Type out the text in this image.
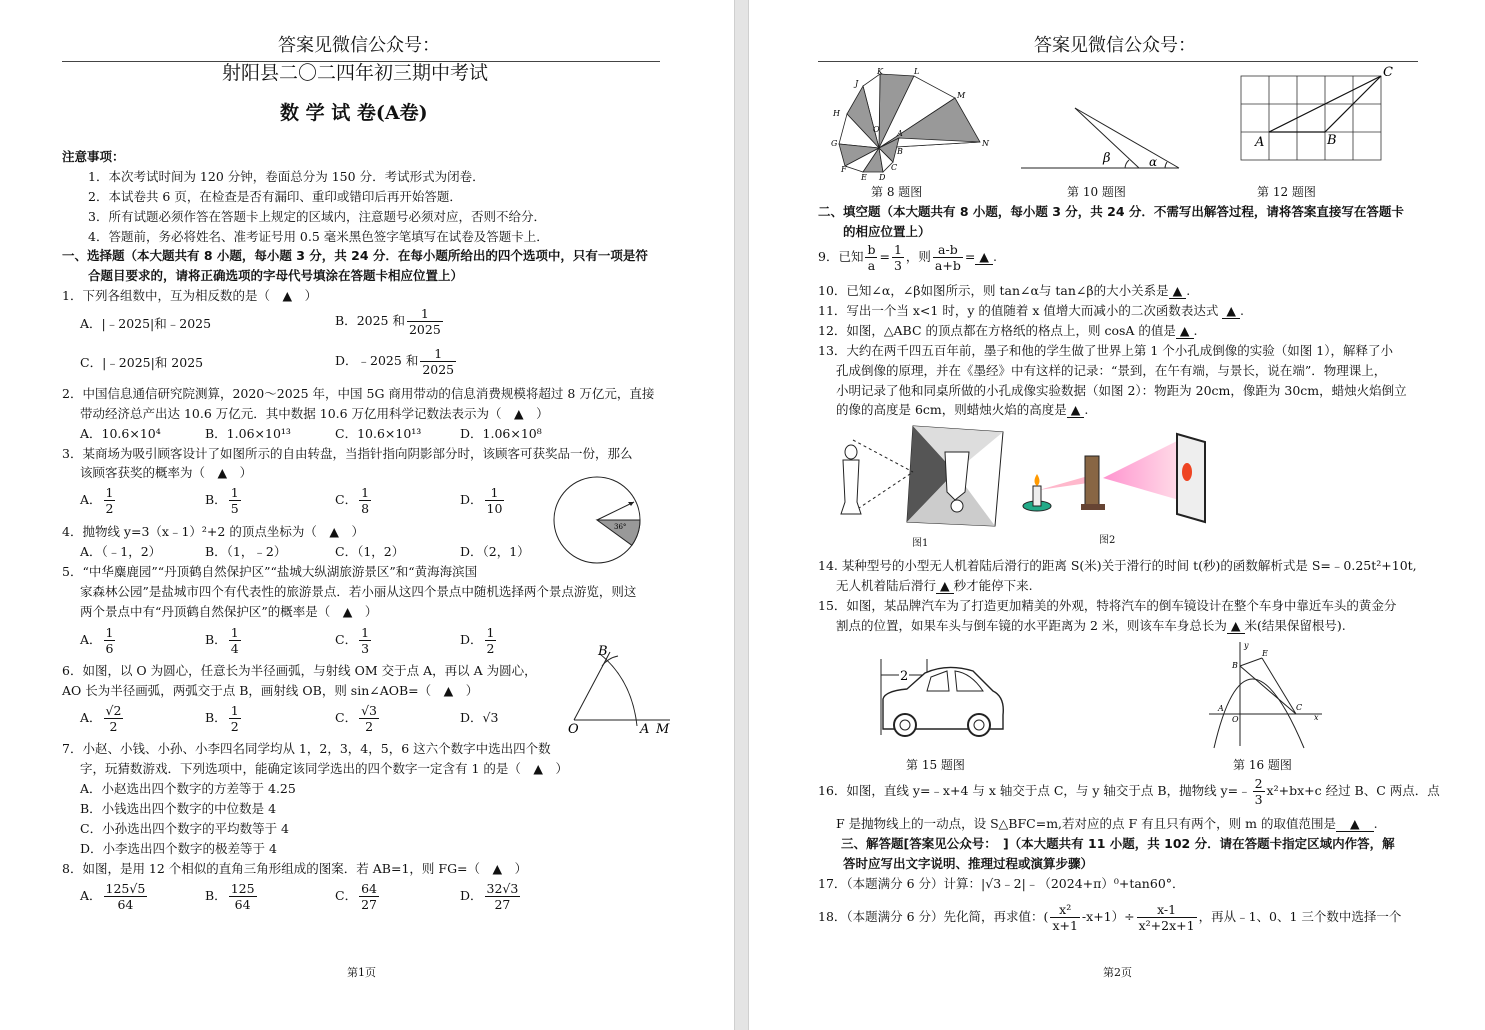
答案见微信公众号：
射阳县二〇二四年初三期中考试
数 学 试 卷(A卷)
注意事项：
1．本次考试时间为 120 分钟，卷面总分为 150 分．考试形式为闭卷．
2．本试卷共 6 页，在检查是否有漏印、重印或错印后再开始答题．
3．所有试题必须作答在答题卡上规定的区域内，注意题号必须对应，否则不给分．
4．答题前，务必将姓名、准考证号用 0.5 毫米黑色签字笔填写在试卷及答题卡上．
一、选择题（本大题共有 8 小题，每小题 3 分，共 24 分．在每小题所给出的四个选项中，只有一项是符
合题目要求的，请将正确选项的字母代号填涂在答题卡相应位置上）
1．下列各组数中，互为相反数的是（　▲　）
A．|﹣2025|和﹣2025	B．2025 和 $\frac{1}{2025}$
C．|﹣2025|和 2025	D．﹣2025 和 $\frac{1}{2025}$
2．中国信息通信研究院测算，2020～2025 年，中国 5G 商用带动的信息消费规模将超过 8 万亿元，直接
带动经济总产出达 10.6 万亿元．其中数据 10.6 万亿用科学记数法表示为（　▲　）
A．10.6×10⁴	B．1.06×10¹³	C．10.6×10¹³	D．1.06×10⁸
3．某商场为吸引顾客设计了如图所示的自由转盘，当指针指向阴影部分时，该顾客可获奖品一份，那么
该顾客获奖的概率为（　▲　）
A． $\frac{1}{2}$	B． $\frac{1}{5}$	C． $\frac{1}{8}$	D． $\frac{1}{10}$
36°
4．抛物线 y=3（x﹣1）²+2 的顶点坐标为（　▲　）
A．（﹣1，2）	B．（1，﹣2）	C．（1，2）	D．（2，1）
5．“中华麋鹿园”“丹顶鹤自然保护区”“盐城大纵湖旅游景区”和“黄海海滨国
家森林公园”是盐城市四个有代表性的旅游景点．若小丽从这四个景点中随机选择两个景点游览，则这
两个景点中有“丹顶鹤自然保护区”的概率是（　▲　）
A． $\frac{1}{6}$	B． $\frac{1}{4}$	C． $\frac{1}{3}$	D． $\frac{1}{2}$
6．如图，以 O 为圆心，任意长为半径画弧，与射线 OM 交于点 A，再以 A 为圆心，
AO 长为半径画弧，两弧交于点 B，画射线 OB，则 sin∠AOB=（　▲　）
A． $\frac{√2}{2}$	B． $\frac{1}{2}$	C． $\frac{√3}{2}$	D．√3
B
O	A M
7．小赵、小钱、小孙、小李四名同学均从 1，2，3，4，5，6 这六个数字中选出四个数
字，玩猜数游戏．下列选项中，能确定该同学选出的四个数字一定含有 1 的是（　▲　）
A．小赵选出四个数字的方差等于 4.25
B．小钱选出四个数字的中位数是 4
C．小孙选出四个数字的平均数等于 4
D．小李选出四个数字的极差等于 4
8．如图，是用 12 个相似的直角三角形组成的图案．若 AB=1，则 FG=（　▲　）
A． $\frac{125√5}{64}$	B． $\frac{125}{64}$	C． $\frac{64}{27}$	D． $\frac{32√3}{27}$
第1页
答案见微信公众号：
K	L
J
M
H
O A
G
B
N
F
E D
C
第 8 题图
β	α
第 10 题图
A	B
C
第 12 题图
二、填空题（本大题共有 8 小题，每小题 3 分，共 24 分．不需写出解答过程，请将答案直接写在答题卡
的相应位置上）
9．已知 $\frac{b}{a} = \frac{1}{3}$ ，则 $\frac{a-b}{a+b}$ = ▲ .
10．已知∠α，∠β如图所示，则 tan∠α与 tan∠β的大小关系是 ▲ .
11．写出一个当 x<1 时，y 的值随着 x 值增大而减小的二次函数表达式 ▲ .
12．如图，△ABC 的顶点都在方格纸的格点上，则 cosA 的值是 ▲ .
13．大约在两千四五百年前，墨子和他的学生做了世界上第 1 个小孔成倒像的实验（如图 1），解释了小
孔成倒像的原理，并在《墨经》中有这样的记录：“景到，在午有端，与景长，说在端”．物理课上，
小明记录了他和同桌所做的小孔成像实验数据（如图 2）：物距为 20cm，像距为 30cm，蜡烛火焰倒立
的像的高度是 6cm，则蜡烛火焰的高度是 ▲ .
图1	图2
14. 某种型号的小型无人机着陆后滑行的距离 S(米)关于滑行的时间 t(秒)的函数解析式是 S=﹣0.25t²+10t,
无人机着陆后滑行 ▲ 秒才能停下来.
15．如图，某品牌汽车为了打造更加精美的外观，特将汽车的倒车镜设计在整个车身中靠近车头的黄金分
割点的位置，如果车头与倒车镜的水平距离为 2 米，则该车车身总长为 ▲ 米(结果保留根号).
2
第 15 题图
y
B
E
A
O
C
x
第 16 题图
16．如图，直线 y=﹣x+4 与 x 轴交于点 C，与 y 轴交于点 B，抛物线 y=﹣ $\frac{2}{3} x^2+bx+c$ 经过 B、C 两点．点
F 是抛物线上的一动点，设 S△BFC=m,若对应的点 F 有且只有两个，则 m 的取值范围是 ▲ .
三、解答题[答案见公众号：　]（本大题共有 11 小题，共 102 分．请在答题卡指定区域内作答，解
答时应写出文字说明、推理过程或演算步骤）
17．（本题满分 6 分）计算：|√3﹣2|﹣（2024+π）⁰+tan60°．
18．（本题满分 6 分）先化简，再求值：( $\frac{\text{x²}}{x+1} -x+1)\div \frac{x-1}{\text{x²+2x+1}}$ ，再从﹣1、0、1 三个数中选择一个
第2页
